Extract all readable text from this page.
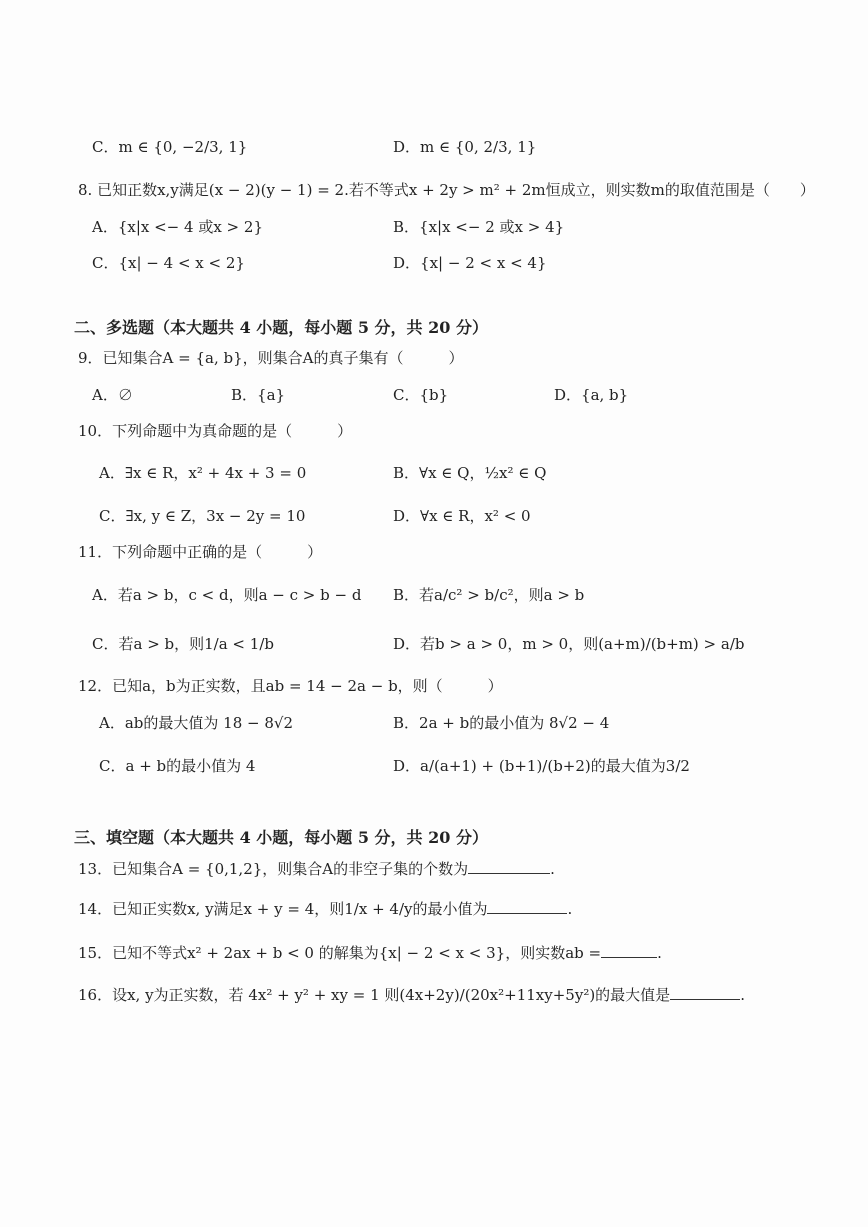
C．m ∈ {0, −2/3, 1}	D．m ∈ {0, 2/3, 1}
8. 已知正数x,y满足(x − 2)(y − 1) = 2.若不等式x + 2y > m² + 2m恒成立，则实数m的取值范围是（　　）
A．{x|x <− 4 或x > 2}	B．{x|x <− 2 或x > 4}
C．{x| − 4 < x < 2}	D．{x| − 2 < x < 4}
二、多选题（本大题共 4 小题，每小题 5 分，共 20 分）
9．已知集合A = {a, b}，则集合A的真子集有（　　　）
A．∅	B．{a}	C．{b}	D．{a, b}
10．下列命题中为真命题的是（　　　）
A．∃x ∈ R，x² + 4x + 3 = 0	B．∀x ∈ Q，½x² ∈ Q
C．∃x, y ∈ Z，3x − 2y = 10	D．∀x ∈ R，x² < 0
11．下列命题中正确的是（　　　）
A．若a > b，c < d，则a − c > b − d B．若a/c² > b/c²，则a > b
C．若a > b，则1/a < 1/b	D．若b > a > 0，m > 0，则(a+m)/(b+m) > a/b
12．已知a，b为正实数，且ab = 14 − 2a − b，则（　　　）
A．ab的最大值为 18 − 8√2	B．2a + b的最小值为 8√2 − 4
C．a + b的最小值为 4	D．a/(a+1) + (b+1)/(b+2)的最大值为3/2
三、填空题（本大题共 4 小题，每小题 5 分，共 20 分）
13．已知集合A = {0,1,2}，则集合A的非空子集的个数为	.
14．已知正实数x, y满足x + y = 4，则1/x + 4/y的最小值为	.
15．已知不等式x² + 2ax + b < 0 的解集为{x| − 2 < x < 3}，则实数ab =	.
16．设x, y为正实数，若 4x² + y² + xy = 1 则(4x+2y)/(20x²+11xy+5y²)的最大值是	.
